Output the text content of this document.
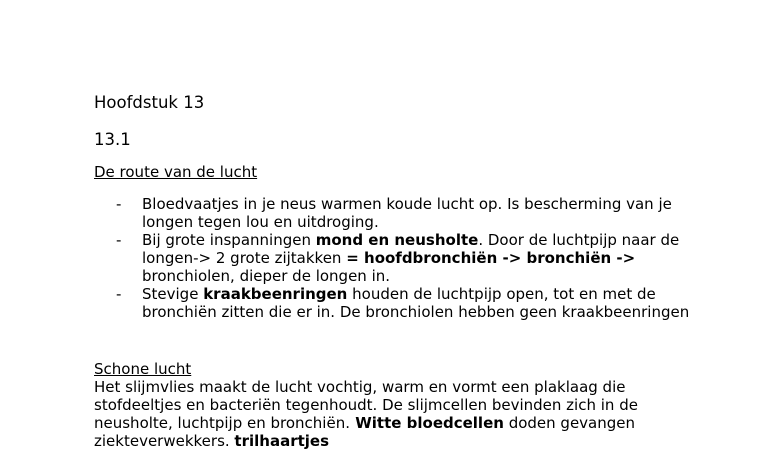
Hoofdstuk 13
13.1
De route van de lucht
- Bloedvaatjes in je neus warmen koude lucht op. Is bescherming van je longen tegen lou en uitdroging.
- Bij grote inspanningen mond en neusholte. Door de luchtpijp naar de longen-> 2 grote zijtakken = hoofdbronchiën -> bronchiën -> bronchiolen, dieper de longen in.
- Stevige kraakbeenringen houden de luchtpijp open, tot en met de bronchiën zitten die er in. De bronchiolen hebben geen kraakbeenringen
Schone lucht
Het slijmvlies maakt de lucht vochtig, warm en vormt een plaklaag die stofdeeltjes en bacteriën tegenhoudt. De slijmcellen bevinden zich in de neusholte, luchtpijp en bronchiën. Witte bloedcellen doden gevangen ziekteverwekkers. trilhaartjes
